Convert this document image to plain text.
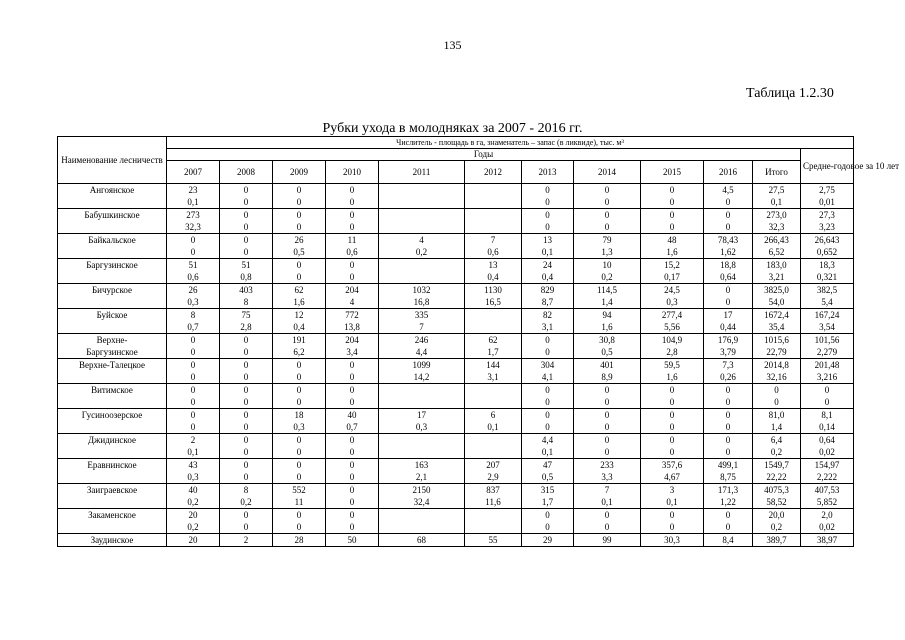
135
Таблица 1.2.30
Рубки ухода в молодняках за 2007 - 2016 гг.
Наименование лесничеств	Числитель - площадь в га, знаменатель – запас (в ликвиде), тыс. м³											
	Годы											Средне-годовое за 10 лет
	2007	2008	2009	2010	2011	2012	2013	2014	2015	2016	Итого	
Ангоянское	23	0	0	0			0	0	0	4,5	27,5	2,75
	0,1	0	0	0			0	0	0	0	0,1	0,01
Бабушкинское	273	0	0	0			0	0	0	0	273,0	27,3
	32,3	0	0	0			0	0	0	0	32,3	3,23
Байкальское	0	0	26	11	4	7	13	79	48	78,43	266,43	26,643
	0	0	0,5	0,6	0,2	0,6	0,1	1,3	1,6	1,62	6,52	0,652
Баргузинское	51	51	0	0		13	24	10	15,2	18,8	183,0	18,3
	0,6	0,8	0	0		0,4	0,4	0,2	0,17	0,64	3,21	0,321
Бичурское	26	403	62	204	1032	1130	829	114,5	24,5	0	3825,0	382,5
	0,3	8	1,6	4	16,8	16,5	8,7	1,4	0,3	0	54,0	5,4
Буйское	8	75	12	772	335		82	94	277,4	17	1672,4	167,24
	0,7	2,8	0,4	13,8	7		3,1	1,6	5,56	0,44	35,4	3,54
Верхне-	0	0	191	204	246	62	0	30,8	104,9	176,9	1015,6	101,56
Баргузинское	0	0	6,2	3,4	4,4	1,7	0	0,5	2,8	3,79	22,79	2,279
Верхне-Талецкое	0	0	0	0	1099	144	304	401	59,5	7,3	2014,8	201,48
	0	0	0	0	14,2	3,1	4,1	8,9	1,6	0,26	32,16	3,216
Витимское	0	0	0	0			0	0	0	0	0	0
	0	0	0	0			0	0	0	0	0	0
Гусиноозерское	0	0	18	40	17	6	0	0	0	0	81,0	8,1
	0	0	0,3	0,7	0,3	0,1	0	0	0	0	1,4	0,14
Джидинское	2	0	0	0			4,4	0	0	0	6,4	0,64
	0,1	0	0	0			0,1	0	0	0	0,2	0,02
Еравнинское	43	0	0	0	163	207	47	233	357,6	499,1	1549,7	154,97
	0,3	0	0	0	2,1	2,9	0,5	3,3	4,67	8,75	22,22	2,222
Заиграевское	40	8	552	0	2150	837	315	7	3	171,3	4075,3	407,53
	0,2	0,2	11	0	32,4	11,6	1,7	0,1	0,1	1,22	58,52	5,852
Закаменское	20	0	0	0			0	0	0	0	20,0	2,0
	0,2	0	0	0			0	0	0	0	0,2	0,02
Заудинское	20	2	28	50	68	55	29	99	30,3	8,4	389,7	38,97
